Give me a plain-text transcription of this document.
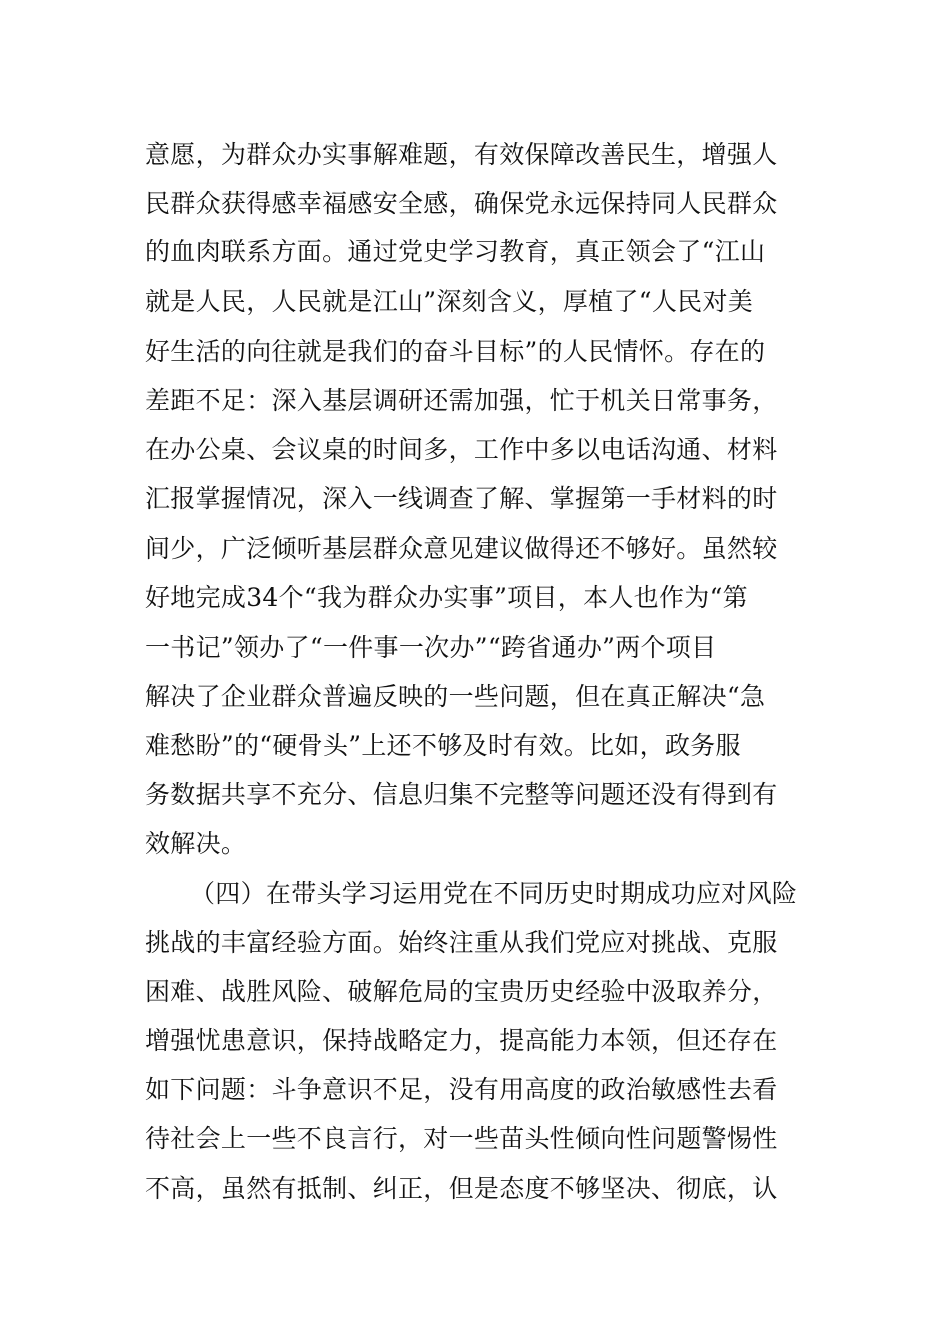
意愿，为群众办实事解难题，有效保障改善民生，增强人
民群众获得感幸福感安全感，确保党永远保持同人民群众
的血肉联系方面。通过党史学习教育，真正领会了“江山
就是人民，人民就是江山”深刻含义，厚植了“人民对美
好生活的向往就是我们的奋斗目标”的人民情怀。存在的
差距不足：深入基层调研还需加强，忙于机关日常事务，
在办公桌、会议桌的时间多，工作中多以电话沟通、材料
汇报掌握情况，深入一线调查了解、掌握第一手材料的时
间少，广泛倾听基层群众意见建议做得还不够好。虽然较
好地完成34个“我为群众办实事”项目，本人也作为“第
一书记”领办了“一件事一次办”“跨省通办”两个项目
解决了企业群众普遍反映的一些问题，但在真正解决“急
难愁盼”的“硬骨头”上还不够及时有效。比如，政务服
务数据共享不充分、信息归集不完整等问题还没有得到有
效解决。
（四）在带头学习运用党在不同历史时期成功应对风险
挑战的丰富经验方面。始终注重从我们党应对挑战、克服
困难、战胜风险、破解危局的宝贵历史经验中汲取养分，
增强忧患意识，保持战略定力，提高能力本领，但还存在
如下问题：斗争意识不足，没有用高度的政治敏感性去看
待社会上一些不良言行，对一些苗头性倾向性问题警惕性
不高，虽然有抵制、纠正，但是态度不够坚决、彻底，认
